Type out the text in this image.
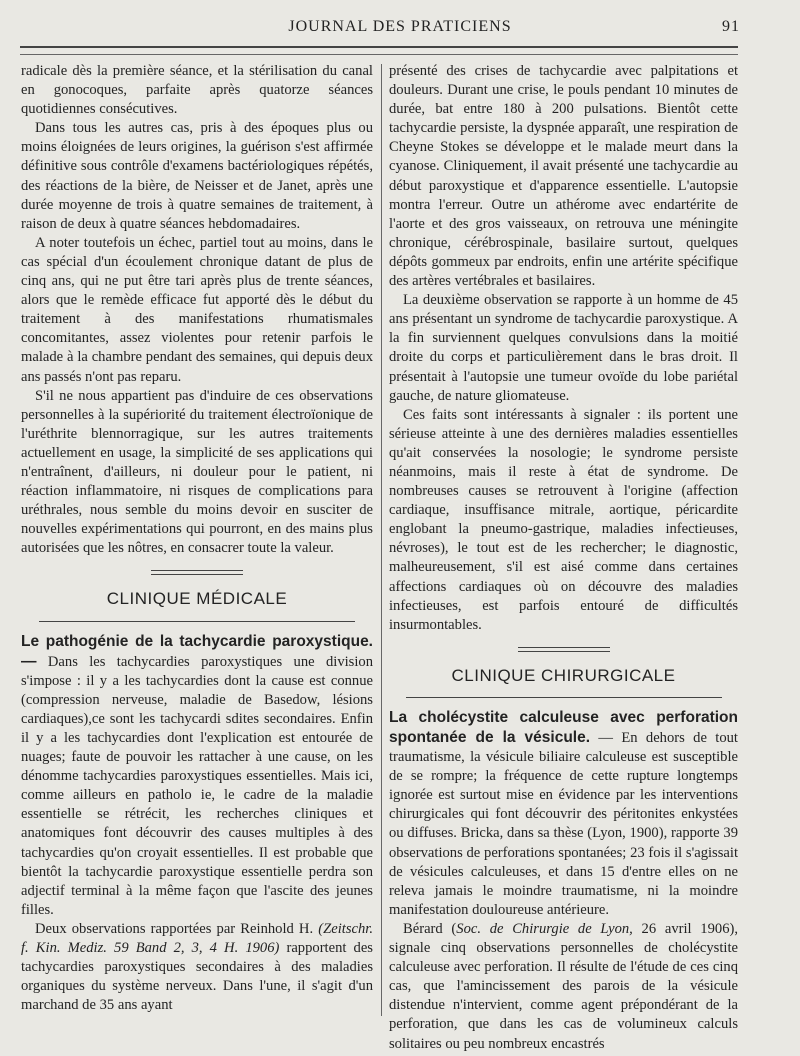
JOURNAL DES PRATICIENS	91

radicale dès la première séance, et la stérilisation du canal en gonocoques, parfaite après quatorze séances quotidiennes consécutives.

Dans tous les autres cas, pris à des époques plus ou moins éloignées de leurs origines, la guérison s'est affirmée définitive sous contrôle d'examens bactériologiques répétés, des réactions de la bière, de Neisser et de Janet, après une durée moyenne de trois à quatre semaines de traitement, à raison de deux à quatre séances hebdomadaires.

A noter toutefois un échec, partiel tout au moins, dans le cas spécial d'un écoulement chronique datant de plus de cinq ans, qui ne put être tari après plus de trente séances, alors que le remède efficace fut apporté dès le début du traitement à des manifestations rhumatismales concomitantes, assez violentes pour retenir parfois le malade à la chambre pendant des semaines, qui depuis deux ans passés n'ont pas reparu.

S'il ne nous appartient pas d'induire de ces observations personnelles à la supériorité du traitement électroïonique de l'uréthrite blennorragique, sur les autres traitements actuellement en usage, la simplicité de ses applications qui n'entraînent, d'ailleurs, ni douleur pour le patient, ni réaction inflammatoire, ni risques de complications para uréthrales, nous semble du moins devoir en susciter de nouvelles expérimentations qui pourront, en des mains plus autorisées que les nôtres, en consacrer toute la valeur.

CLINIQUE MÉDICALE

Le pathogénie de la tachycardie paroxystique. — Dans les tachycardies paroxystiques une division s'impose : il y a les tachycardies dont la cause est connue (compression nerveuse, maladie de Basedow, lésions cardiaques),ce sont les tachycardi sdites secondaires. Enfin il y a les tachycardies dont l'explication est entourée de nuages; faute de pouvoir les rattacher à une cause, on les dénomme tachycardies paroxystiques essentielles. Mais ici, comme ailleurs en patholo ie, le cadre de la maladie essentielle se rétrécit, les recherches cliniques et anatomiques font découvrir des causes multiples à des tachycardies qu'on croyait essentielles. Il est probable que bientôt la tachycardie paroxystique essentielle perdra son adjectif terminal à la même façon que l'ascite des jeunes filles.

Deux observations rapportées par Reinhold H. (Zeitschr. f. Kin. Mediz. 59 Band 2, 3, 4 H. 1906) rapportent des tachycardies paroxystiques secondaires à des maladies organiques du système nerveux. Dans l'une, il s'agit d'un marchand de 35 ans ayant

présenté des crises de tachycardie avec palpitations et douleurs. Durant une crise, le pouls pendant 10 minutes de durée, bat entre 180 à 200 pulsations. Bientôt cette tachycardie persiste, la dyspnée apparaît, une respiration de Cheyne Stokes se développe et le malade meurt dans la cyanose. Cliniquement, il avait présenté une tachycardie au début paroxystique et d'apparence essentielle. L'autopsie montra l'erreur. Outre un athérome avec endartérite de l'aorte et des gros vaisseaux, on retrouva une méningite chronique, cérébrospinale, basilaire surtout, quelques dépôts gommeux par endroits, enfin une artérite spécifique des artères vertébrales et basilaires.

La deuxième observation se rapporte à un homme de 45 ans présentant un syndrome de tachycardie paroxystique. A la fin surviennent quelques convulsions dans la moitié droite du corps et particulièrement dans le bras droit. Il présentait à l'autopsie une tumeur ovoïde du lobe pariétal gauche, de nature gliomateuse.

Ces faits sont intéressants à signaler : ils portent une sérieuse atteinte à une des dernières maladies essentielles qu'ait conservées la nosologie; le syndrome persiste néanmoins, mais il reste à état de syndrome. De nombreuses causes se retrouvent à l'origine (affection cardiaque, insuffisance mitrale, aortique, péricardite englobant la pneumo-gastrique, maladies infectieuses, névroses), le tout est de les rechercher; le diagnostic, malheureusement, s'il est aisé comme dans certaines affections cardiaques où on découvre des maladies infectieuses, est parfois entouré de difficultés insurmontables.

CLINIQUE CHIRURGICALE

La cholécystite calculeuse avec perforation spontanée de la vésicule. — En dehors de tout traumatisme, la vésicule biliaire calculeuse est susceptible de se rompre; la fréquence de cette rupture longtemps ignorée est surtout mise en évidence par les interventions chirurgicales qui font découvrir des péritonites enkystées ou diffuses. Bricka, dans sa thèse (Lyon, 1900), rapporte 39 observations de perforations spontanées; 23 fois il s'agissait de vésicules calculeuses, et dans 15 d'entre elles on ne releva jamais le moindre traumatisme, ni la moindre manifestation douloureuse antérieure.

Bérard (Soc. de Chirurgie de Lyon, 26 avril 1906), signale cinq observations personnelles de cholécystite calculeuse avec perforation. Il résulte de l'étude de ces cinq cas, que l'amincissement des parois de la vésicule distendue n'intervient, comme agent prépondérant de la perforation, que dans les cas de volumineux calculs solitaires ou peu nombreux encastrés
